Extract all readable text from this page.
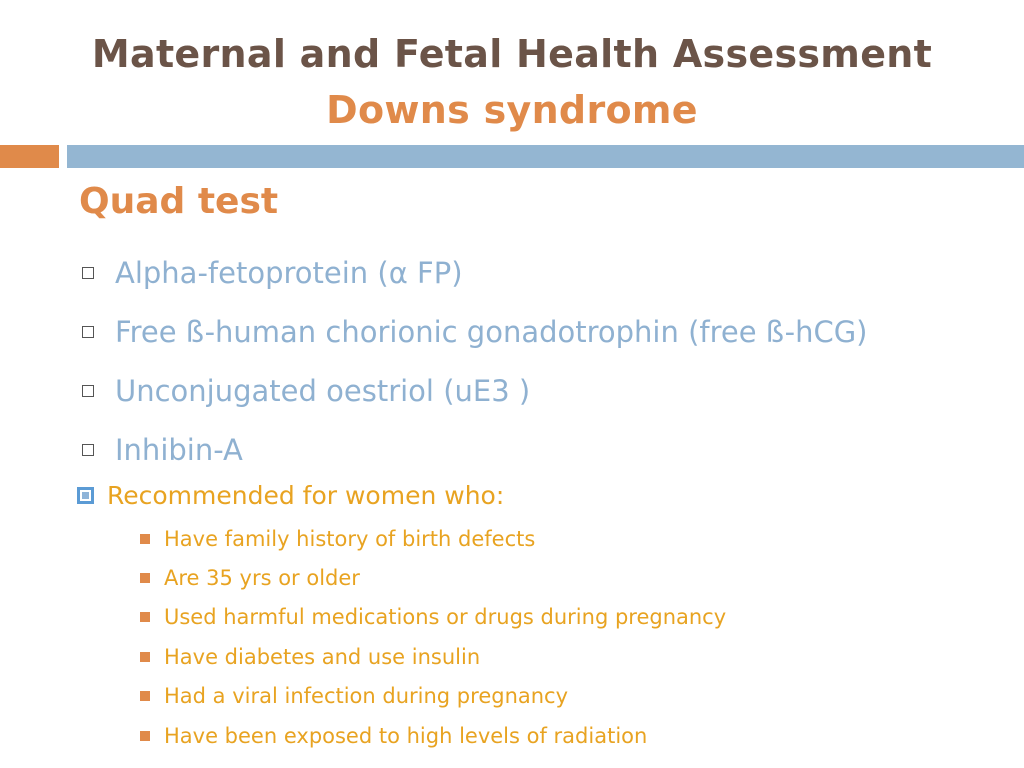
Maternal and Fetal Health Assessment
Downs syndrome
Quad test
Alpha-fetoprotein (α FP)
Free ß-human chorionic gonadotrophin (free ß-hCG)
Unconjugated oestriol (uE3 )
Inhibin-A
Recommended for women who:
Have family history of birth defects
Are 35 yrs or older
Used harmful medications or drugs during pregnancy
Have diabetes and use insulin
Had a viral infection during pregnancy
Have been exposed to high levels of radiation
